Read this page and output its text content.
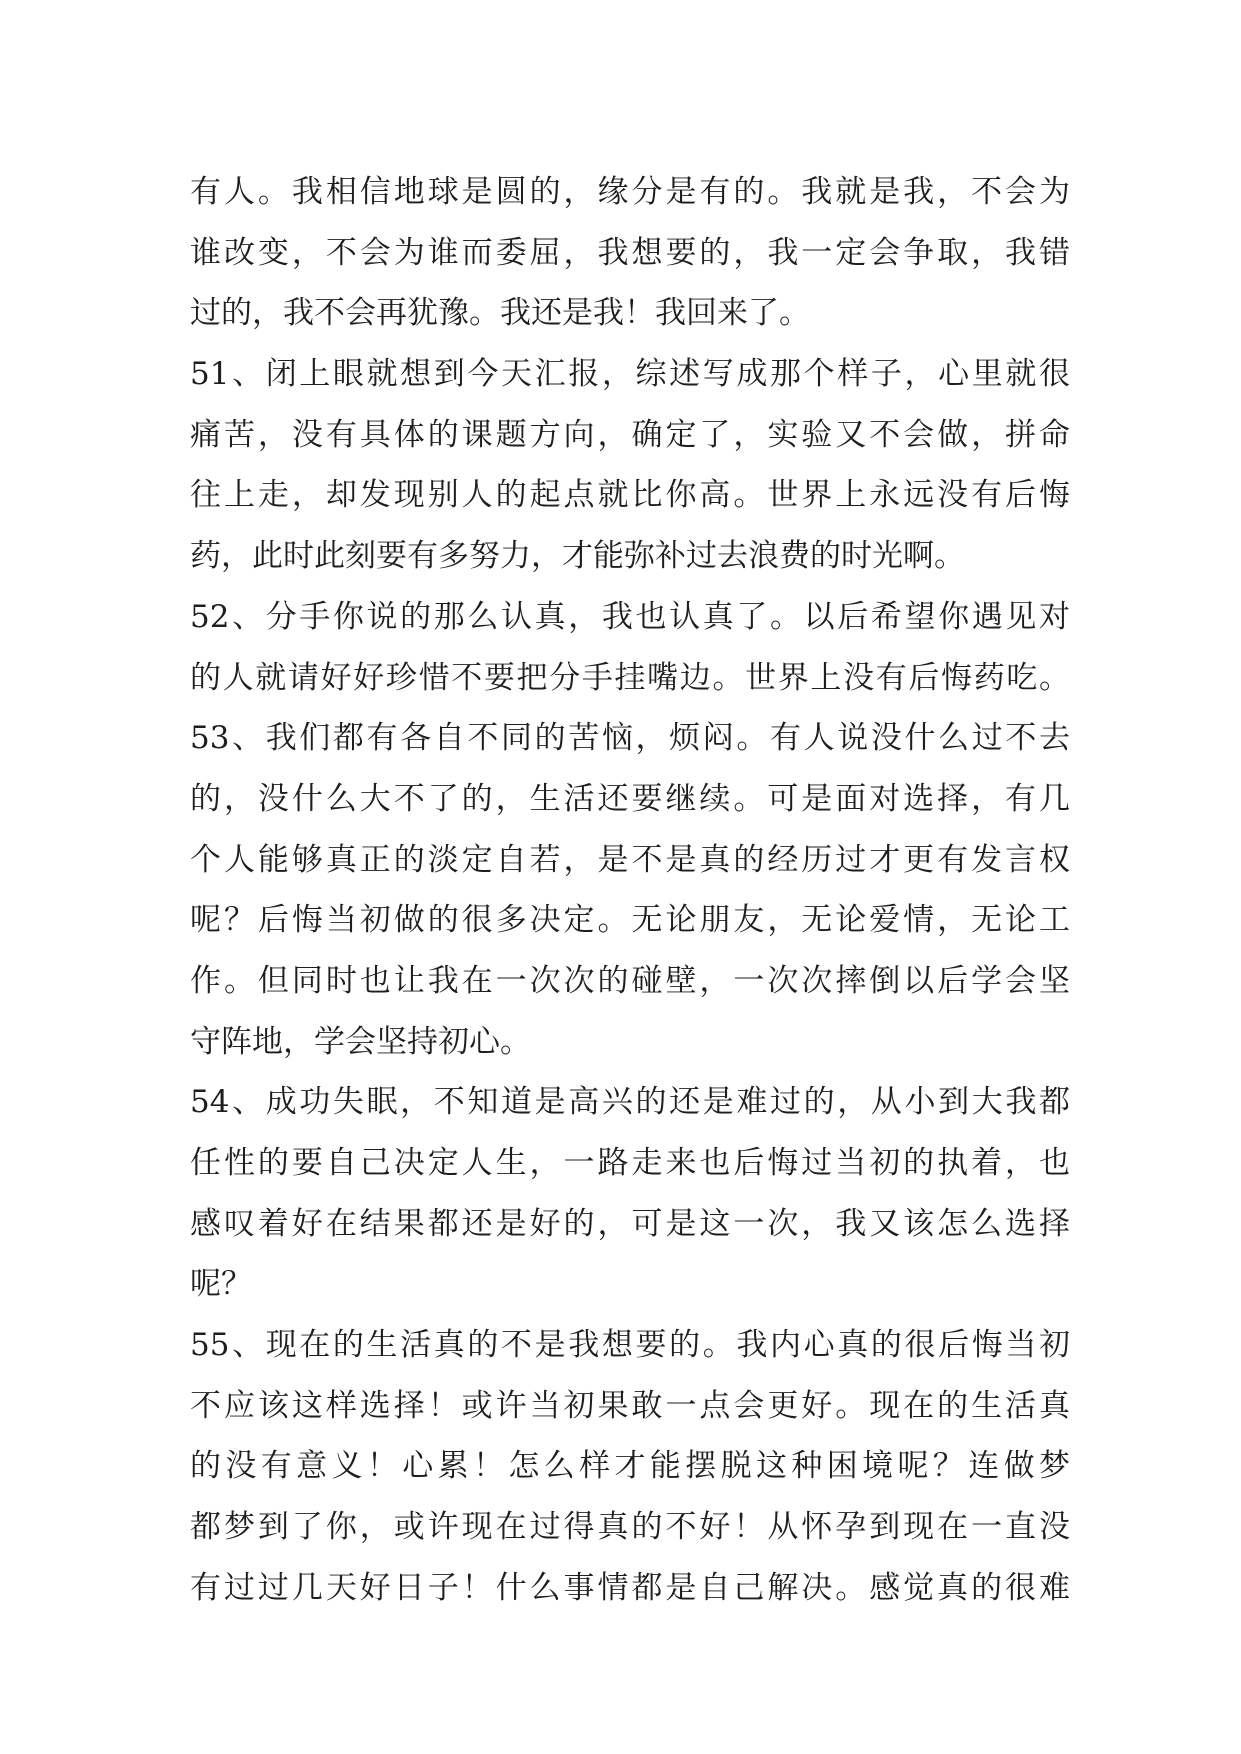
有人。我相信地球是圆的，缘分是有的。我就是我，不会为
谁改变，不会为谁而委屈，我想要的，我一定会争取，我错
过的，我不会再犹豫。我还是我！我回来了。
51、闭上眼就想到今天汇报，综述写成那个样子，心里就很
痛苦，没有具体的课题方向，确定了，实验又不会做，拼命
往上走，却发现别人的起点就比你高。世界上永远没有后悔
药，此时此刻要有多努力，才能弥补过去浪费的时光啊。
52、分手你说的那么认真，我也认真了。以后希望你遇见对
的人就请好好珍惜不要把分手挂嘴边。世界上没有后悔药吃。
53、我们都有各自不同的苦恼，烦闷。有人说没什么过不去
的，没什么大不了的，生活还要继续。可是面对选择，有几
个人能够真正的淡定自若，是不是真的经历过才更有发言权
呢？后悔当初做的很多决定。无论朋友，无论爱情，无论工
作。但同时也让我在一次次的碰壁，一次次摔倒以后学会坚
守阵地，学会坚持初心。
54、成功失眠，不知道是高兴的还是难过的，从小到大我都
任性的要自己决定人生，一路走来也后悔过当初的执着，也
感叹着好在结果都还是好的，可是这一次，我又该怎么选择
呢？
55、现在的生活真的不是我想要的。我内心真的很后悔当初
不应该这样选择！或许当初果敢一点会更好。现在的生活真
的没有意义！心累！怎么样才能摆脱这种困境呢？连做梦
都梦到了你，或许现在过得真的不好！从怀孕到现在一直没
有过过几天好日子！什么事情都是自己解决。感觉真的很难
